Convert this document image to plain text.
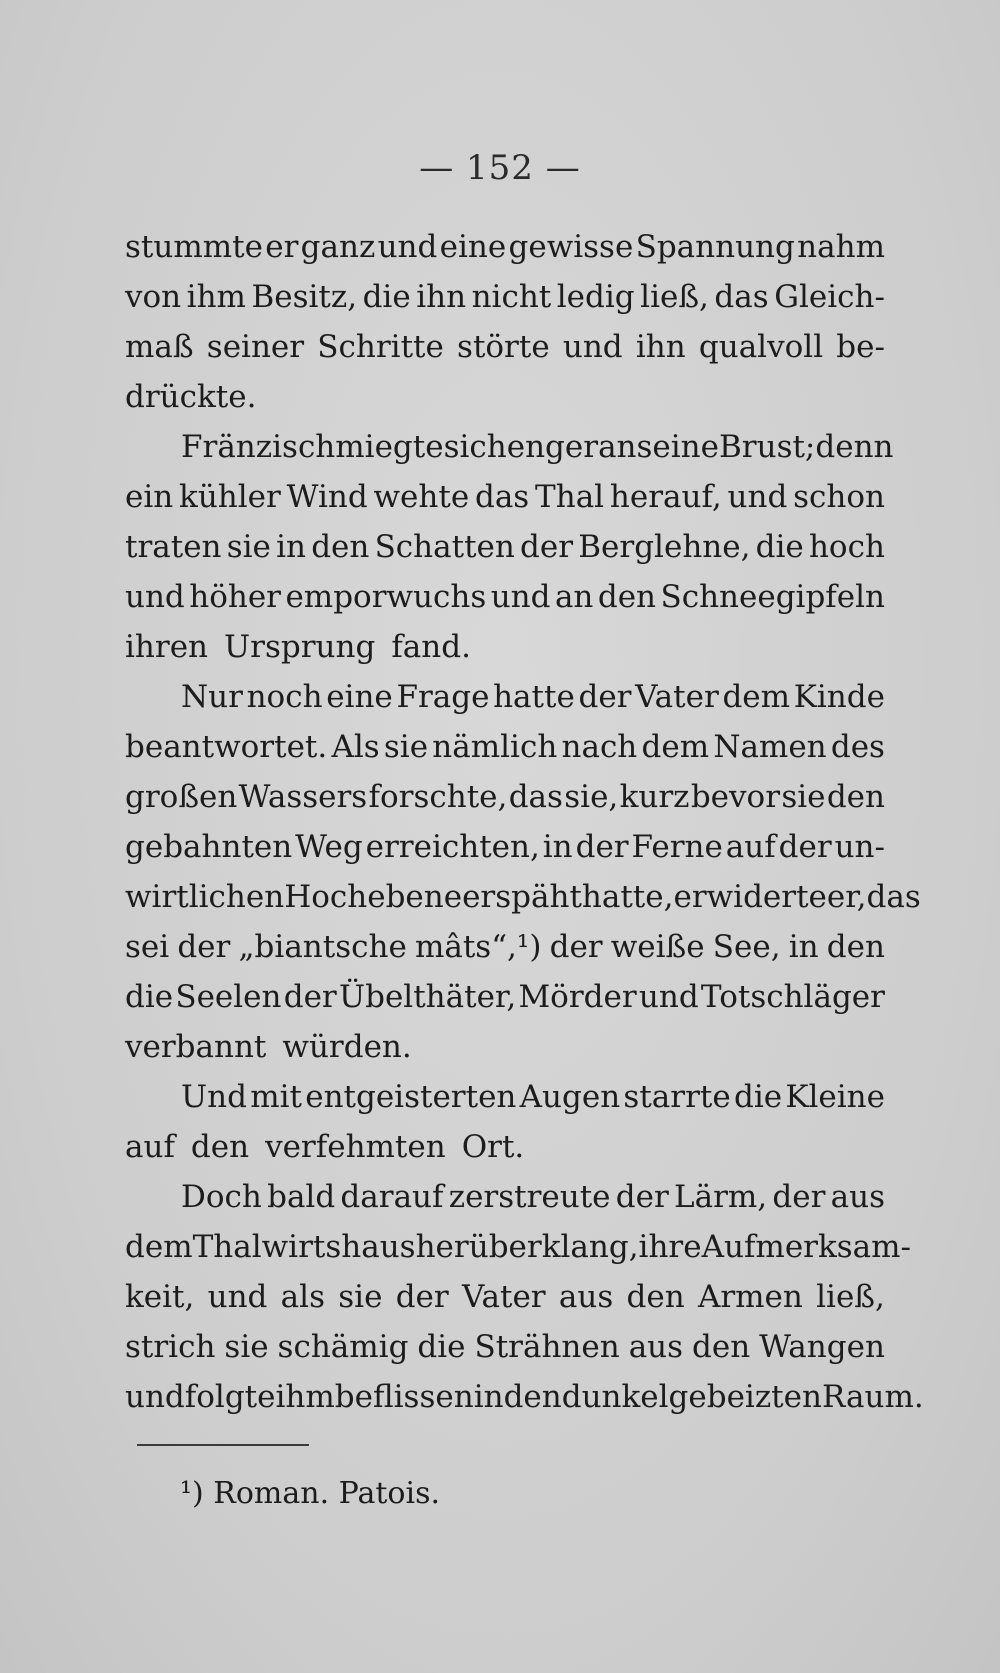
— 152 —
stummte er ganz und eine gewisse Spannung nahm
von ihm Besitz, die ihn nicht ledig ließ, das Gleich-
maß seiner Schritte störte und ihn qualvoll be-
drückte.
Fränzi schmiegte sich enger an seine Brust; denn
ein kühler Wind wehte das Thal herauf, und schon
traten sie in den Schatten der Berglehne, die hoch
und höher emporwuchs und an den Schneegipfeln
ihren Ursprung fand.
Nur noch eine Frage hatte der Vater dem Kinde
beantwortet. Als sie nämlich nach dem Namen des
großen Wassers forschte, das sie, kurz bevor sie den
gebahnten Weg erreichten, in der Ferne auf der un-
wirtlichen Hochebene erspäht hatte, erwiderte er, das
sei der „biantsche mâts“,¹) der weiße See, in den
die Seelen der Übelthäter, Mörder und Totschläger
verbannt würden.
Und mit entgeisterten Augen starrte die Kleine
auf den verfehmten Ort.
Doch bald darauf zerstreute der Lärm, der aus
dem Thalwirtshaus herüberklang, ihre Aufmerksam-
keit, und als sie der Vater aus den Armen ließ,
strich sie schämig die Strähnen aus den Wangen
und folgte ihm beflissen in den dunkelgebeizten Raum.
¹) Roman. Patois.
